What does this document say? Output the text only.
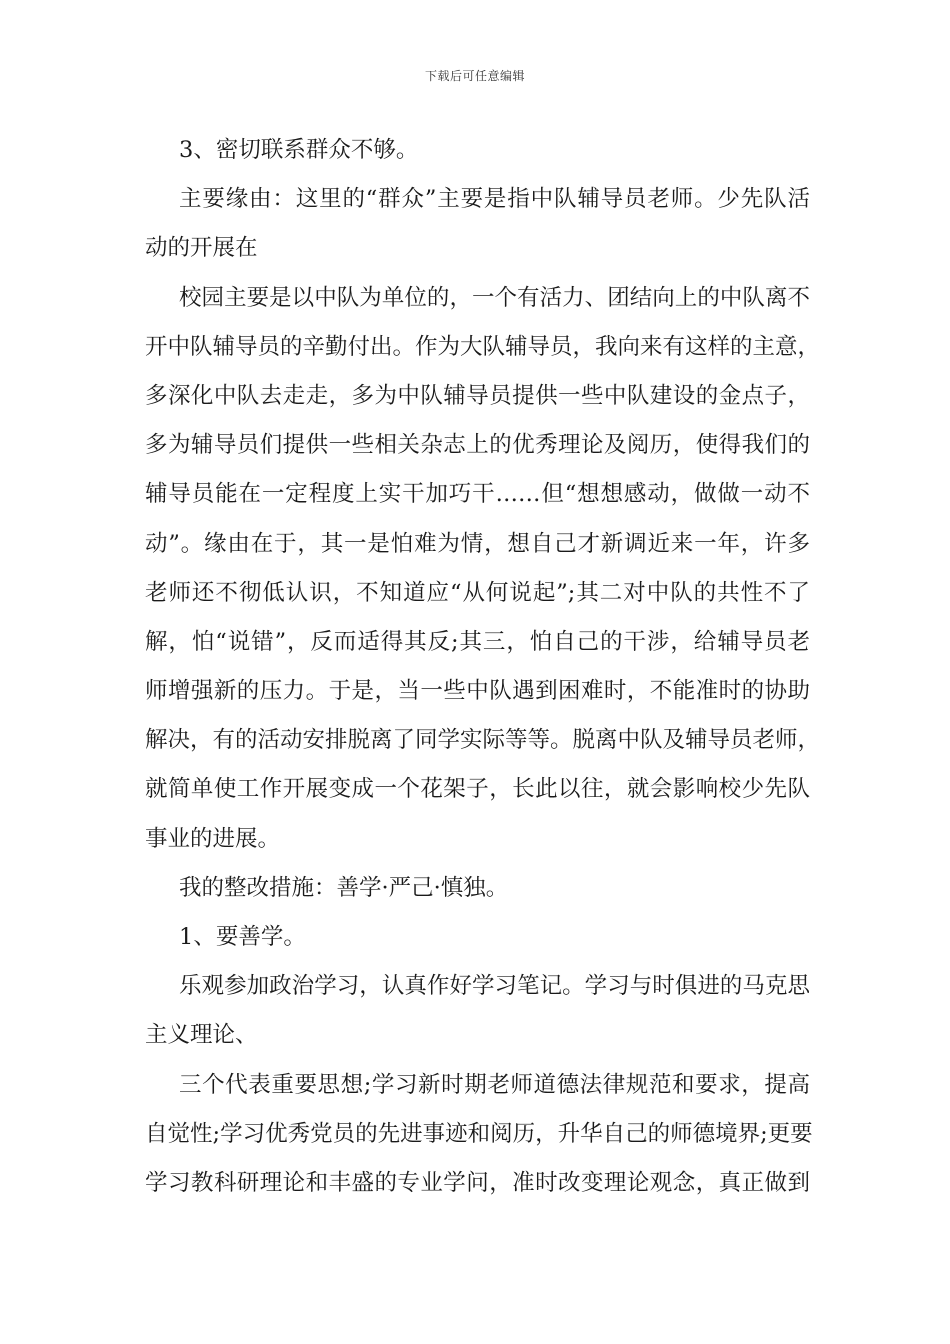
下载后可任意编辑
3、密切联系群众不够。
主要缘由：这里的“群众”主要是指中队辅导员老师。少先队活
动的开展在
校园主要是以中队为单位的，一个有活力、团结向上的中队离不
开中队辅导员的辛勤付出。作为大队辅导员，我向来有这样的主意，
多深化中队去走走，多为中队辅导员提供一些中队建设的金点子，
多为辅导员们提供一些相关杂志上的优秀理论及阅历，使得我们的
辅导员能在一定程度上实干加巧干……但“想想感动，做做一动不
动”。缘由在于，其一是怕难为情，想自己才新调近来一年，许多
老师还不彻低认识，不知道应“从何说起”;其二对中队的共性不了
解，怕“说错”，反而适得其反;其三，怕自己的干涉，给辅导员老
师增强新的压力。于是，当一些中队遇到困难时，不能准时的协助
解决，有的活动安排脱离了同学实际等等。脱离中队及辅导员老师，
就简单使工作开展变成一个花架子，长此以往，就会影响校少先队
事业的进展。
我的整改措施：善学·严己·慎独。
1、要善学。
乐观参加政治学习，认真作好学习笔记。学习与时俱进的马克思
主义理论、
三个代表重要思想;学习新时期老师道德法律规范和要求，提高
自觉性;学习优秀党员的先进事迹和阅历，升华自己的师德境界;更要
学习教科研理论和丰盛的专业学问，准时改变理论观念，真正做到
